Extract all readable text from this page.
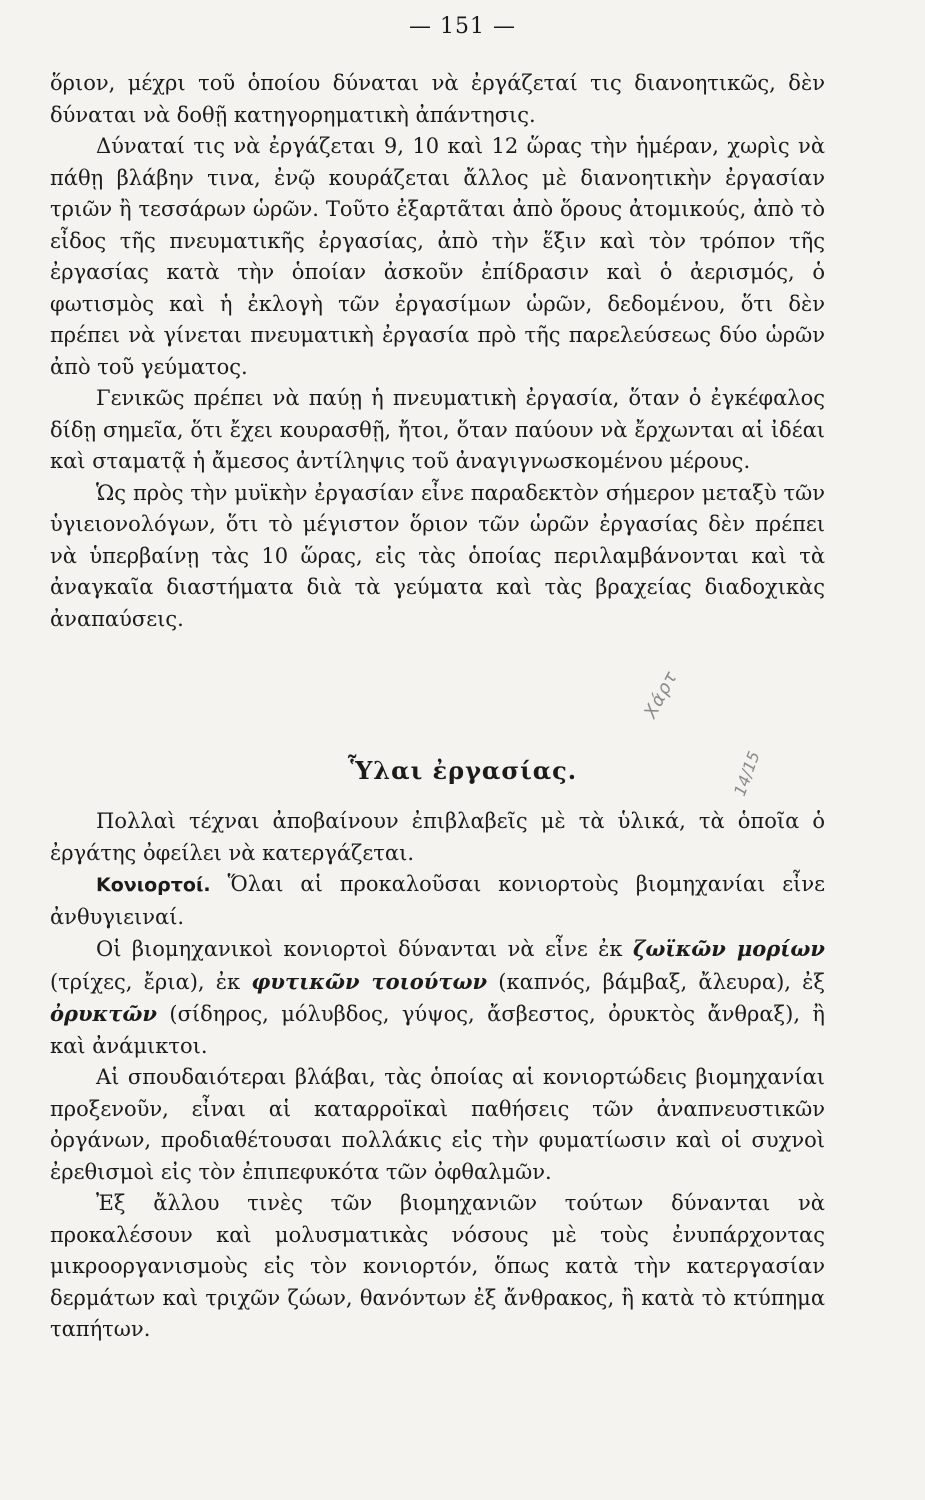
— 151 —

ὅριον, μέχρι τοῦ ὁποίου δύναται νὰ ἐργάζεταί τις διανοητικῶς, δὲν δύναται νὰ δοθῇ κατηγορηματικὴ ἀπάντησις.

Δύναταί τις νὰ ἐργάζεται 9, 10 καὶ 12 ὥρας τὴν ἡμέραν, χωρὶς νὰ πάθῃ βλάβην τινα, ἐνῷ κουράζεται ἄλλος μὲ διανοητικὴν ἐργασίαν τριῶν ἢ τεσσάρων ὡρῶν. Τοῦτο ἐξαρτᾶται ἀπὸ ὅρους ἀτομικούς, ἀπὸ τὸ εἶδος τῆς πνευματικῆς ἐργασίας, ἀπὸ τὴν ἕξιν καὶ τὸν τρόπον τῆς ἐργασίας κατὰ τὴν ὁποίαν ἀσκοῦν ἐπίδρασιν καὶ ὁ ἀερισμός, ὁ φωτισμὸς καὶ ἡ ἐκλογὴ τῶν ἐργασίμων ὡρῶν, δεδομένου, ὅτι δὲν πρέπει νὰ γίνεται πνευματικὴ ἐργασία πρὸ τῆς παρελεύσεως δύο ὡρῶν ἀπὸ τοῦ γεύματος.

Γενικῶς πρέπει νὰ παύῃ ἡ πνευματικὴ ἐργασία, ὅταν ὁ ἐγκέφαλος δίδῃ σημεῖα, ὅτι ἔχει κουρασθῇ, ἤτοι, ὅταν παύουν νὰ ἔρχωνται αἱ ἰδέαι καὶ σταματᾷ ἡ ἄμεσος ἀντίληψις τοῦ ἀναγιγνωσκομένου μέρους.

Ὡς πρὸς τὴν μυϊκὴν ἐργασίαν εἶνε παραδεκτὸν σήμερον μεταξὺ τῶν ὑγιειονολόγων, ὅτι τὸ μέγιστον ὅριον τῶν ὡρῶν ἐργασίας δὲν πρέπει νὰ ὑπερβαίνῃ τὰς 10 ὥρας, εἰς τὰς ὁποίας περιλαμβάνονται καὶ τὰ ἀναγκαῖα διαστήματα διὰ τὰ γεύματα καὶ τὰς βραχείας διαδοχικὰς ἀναπαύσεις.

Ὗλαι ἐργασίας.
Χάρτ
14/15

Πολλαὶ τέχναι ἀποβαίνουν ἐπιβλαβεῖς μὲ τὰ ὑλικά, τὰ ὁποῖα ὁ ἐργάτης ὀφείλει νὰ κατεργάζεται.

Κονιορτοί. Ὅλαι αἱ προκαλοῦσαι κονιορτοὺς βιομηχανίαι εἶνε ἀνθυγιειναί.

Οἱ βιομηχανικοὶ κονιορτοὶ δύνανται νὰ εἶνε ἐκ ζωϊκῶν μορίων (τρίχες, ἔρια), ἐκ φυτικῶν τοιούτων (καπνός, βάμβαξ, ἄλευρα), ἐξ ὀρυκτῶν (σίδηρος, μόλυβδος, γύψος, ἄσβεστος, ὀρυκτὸς ἄνθραξ), ἢ καὶ ἀνάμικτοι.

Αἱ σπουδαιότεραι βλάβαι, τὰς ὁποίας αἱ κονιορτώδεις βιομηχανίαι προξενοῦν, εἶναι αἱ καταρροϊκαὶ παθήσεις τῶν ἀναπνευστικῶν ὀργάνων, προδιαθέτουσαι πολλάκις εἰς τὴν φυματίωσιν καὶ οἱ συχνοὶ ἐρεθισμοὶ εἰς τὸν ἐπιπεφυκότα τῶν ὀφθαλμῶν.

Ἐξ ἄλλου τινὲς τῶν βιομηχανιῶν τούτων δύνανται νὰ προκαλέσουν καὶ μολυσματικὰς νόσους μὲ τοὺς ἐνυπάρχοντας μικροοργανισμοὺς εἰς τὸν κονιορτόν, ὅπως κατὰ τὴν κατεργασίαν δερμάτων καὶ τριχῶν ζώων, θανόντων ἐξ ἄνθρακος, ἢ κατὰ τὸ κτύπημα ταπήτων.
